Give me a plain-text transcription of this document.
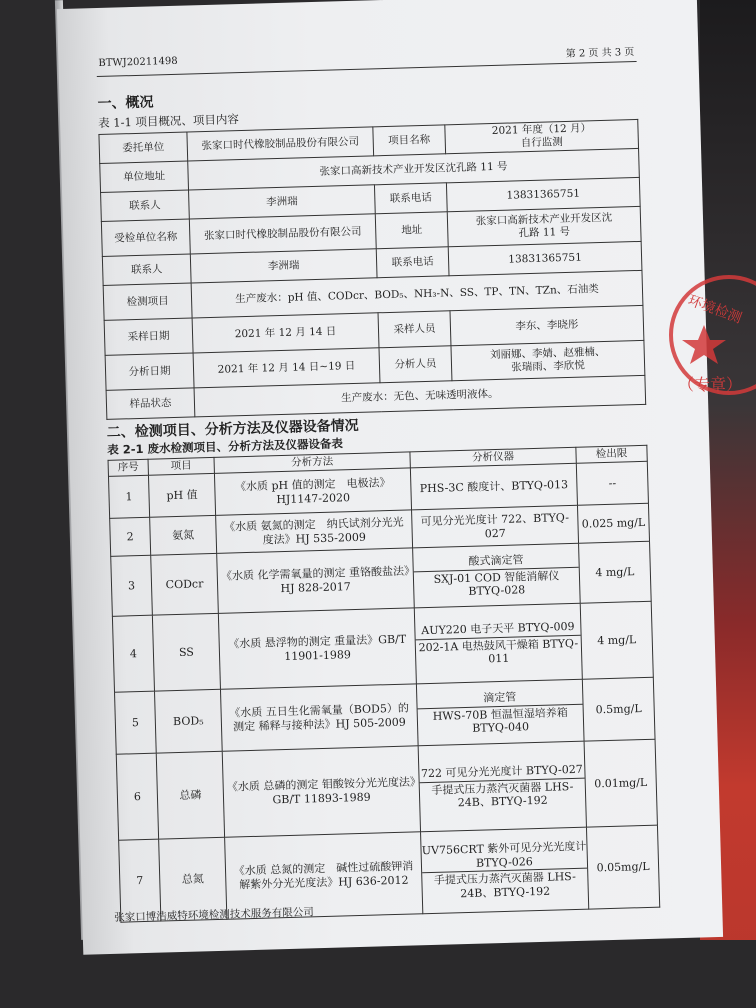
BTWJ20211498
第 2 页 共 3 页
一、概况
表 1-1 项目概况、项目内容
委托单位	张家口时代橡胶制品股份有限公司	项目名称	2021 年度（12 月）
自行监测

单位地址	张家口高新技术产业开发区沈孔路 11 号		
联系人	李洲瑞	联系电话	13831365751
受检单位名称	张家口时代橡胶制品股份有限公司	地址	张家口高新技术产业开发区沈
孔路 11 号

联系人	李洲瑞	联系电话	13831365751
检测项目	生产废水：pH 值、CODcr、BOD₅、NH₃-N、SS、TP、TN、TZn、石油类		
采样日期	2021 年 12 月 14 日	采样人员	李东、李晓彤
分析日期	2021 年 12 月 14 日~19 日	分析人员	刘丽娜、李婧、赵雅楠、
张瑞雨、李欣悦

样品状态	生产废水：无色、无味透明液体。		
二、检测项目、分析方法及仪器设备情况
表 2-1 废水检测项目、分析方法及仪器设备表
序号	项目	分析方法	分析仪器	检出限
1	pH 值	《水质 pH 值的测定　电极法》HJ1147-2020	PHS-3C 酸度计、BTYQ-013	--
2	氨氮	《水质 氨氮的测定　纳氏试剂分光光度法》HJ 535-2009	可见分光光度计 722、BTYQ-027	0.025 mg/L
3	CODcr	《水质 化学需氧量的测定 重铬酸盐法》HJ 828-2017	酸式滴定管
SXJ-01 COD 智能消解仪 BTYQ-028	4 mg/L
4	SS	《水质 悬浮物的测定 重量法》GB/T 11901-1989	AUY220 电子天平 BTYQ-009
202-1A 电热鼓风干燥箱 BTYQ-011	4 mg/L
5	BOD₅	《水质 五日生化需氧量（BOD5）的测定 稀释与接种法》HJ 505-2009	滴定管
HWS-70B 恒温恒湿培养箱 BTYQ-040	0.5mg/L
6	总磷	《水质 总磷的测定 钼酸铵分光光度法》GB/T 11893-1989	722 可见分光光度计 BTYQ-027
手提式压力蒸汽灭菌器 LHS-24B、BTYQ-192	0.01mg/L
7	总氮	《水质 总氮的测定　碱性过硫酸钾消解紫外分光光度法》HJ 636-2012	UV756CRT 紫外可见分光光度计 BTYQ-026
手提式压力蒸汽灭菌器 LHS-24B、BTYQ-192	0.05mg/L
张家口博浩威特环境检测技术服务有限公司
环境检测
（专章）
